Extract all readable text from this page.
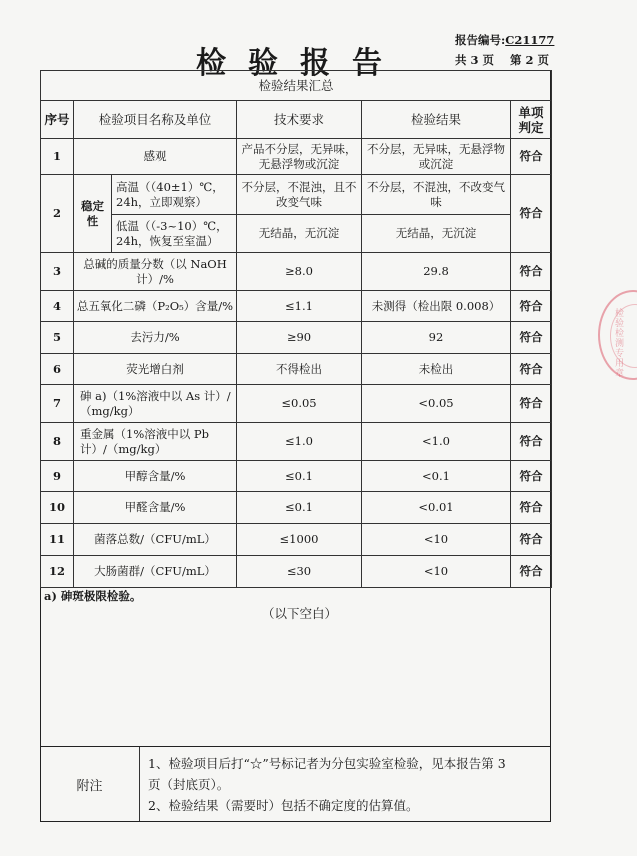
检验报告
报告编号:C21177
共 3 页 第 2 页
检验结果汇总					
序号	检验项目名称及单位		技术要求	检验结果	单项判定
1	感观		产品不分层，无异味，无悬浮物或沉淀	不分层，无异味，无悬浮物或沉淀	符合
2	稳定性	高温（（40±1）℃，24h，立即观察）	不分层，不混浊，且不改变气味	不分层，不混浊，不改变气味	符合
		低温（（-3~10）℃，24h，恢复至室温）	无结晶，无沉淀	无结晶，无沉淀	
3	总碱的质量分数（以 NaOH 计）/%		≥8.0	29.8	符合
4	总五氧化二磷（P₂O₅）含量/%		≤1.1	未测得（检出限 0.008）	符合
5	去污力/%		≥90	92	符合
6	荧光增白剂		不得检出	未检出	符合
7	砷 a)（1%溶液中以 As 计）/（mg/kg）		≤0.05	<0.05	符合
8	重金属（1%溶液中以 Pb 计）/（mg/kg）		≤1.0	<1.0	符合
9	甲醇含量/%		≤0.1	<0.1	符合
10	甲醛含量/%		≤0.1	<0.01	符合
11	菌落总数/（CFU/mL）		≤1000	<10	符合
12	大肠菌群/（CFU/mL）		≤30	<10	符合
a) 砷斑极限检验。
（以下空白）
附注
1、检验项目后打“☆”号标记者为分包实验室检验，见本报告第 3
页（封底页）。
2、检验结果（需要时）包括不确定度的估算值。
检验检测专用章
